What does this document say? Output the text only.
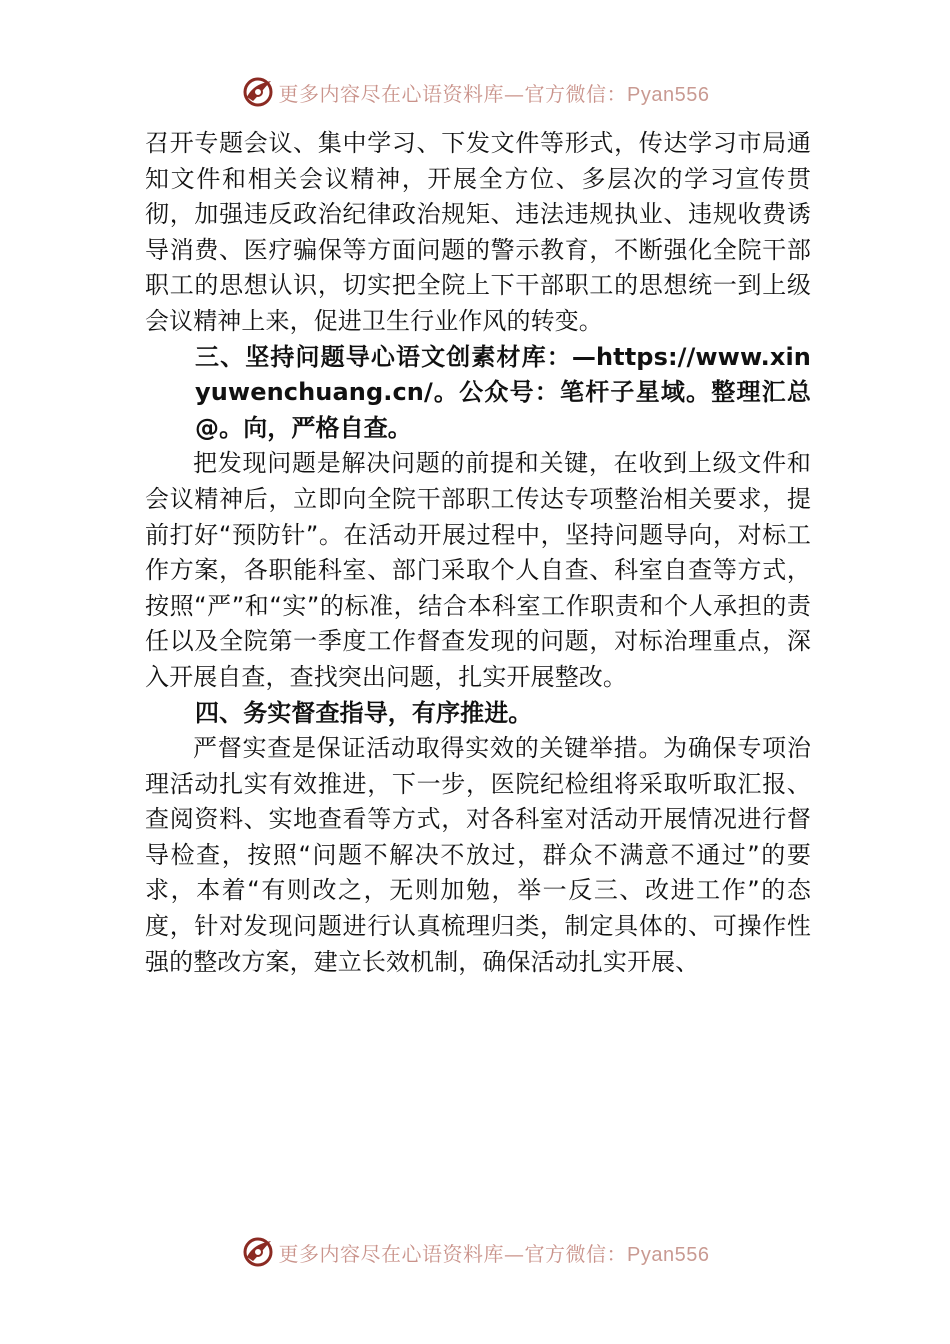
更多内容尽在心语资料库—官方微信：Pyan556

召开专题会议、集中学习、下发文件等形式，传达学习市局通知文件和相关会议精神，开展全方位、多层次的学习宣传贯彻，加强违反政治纪律政治规矩、违法违规执业、违规收费诱导消费、医疗骗保等方面问题的警示教育，不断强化全院干部职工的思想认识，切实把全院上下干部职工的思想统一到上级会议精神上来，促进卫生行业作风的转变。

三、坚持问题导心语文创素材库：—https://www.xinyuwenchuang.cn/。公众号：笔杆子星域。整理汇总@。向，严格自查。

把发现问题是解决问题的前提和关键，在收到上级文件和会议精神后，立即向全院干部职工传达专项整治相关要求，提前打好“预防针”。在活动开展过程中，坚持问题导向，对标工作方案，各职能科室、部门采取个人自查、科室自查等方式，按照“严”和“实”的标准，结合本科室工作职责和个人承担的责任以及全院第一季度工作督查发现的问题，对标治理重点，深入开展自查，查找突出问题，扎实开展整改。

四、务实督查指导，有序推进。

严督实查是保证活动取得实效的关键举措。为确保专项治理活动扎实有效推进，下一步，医院纪检组将采取听取汇报、查阅资料、实地查看等方式，对各科室对活动开展情况进行督导检查，按照“问题不解决不放过，群众不满意不通过”的要求，本着“有则改之，无则加勉，举一反三、改进工作”的态度，针对发现问题进行认真梳理归类，制定具体的、可操作性强的整改方案，建立长效机制，确保活动扎实开展、

更多内容尽在心语资料库—官方微信：Pyan556
